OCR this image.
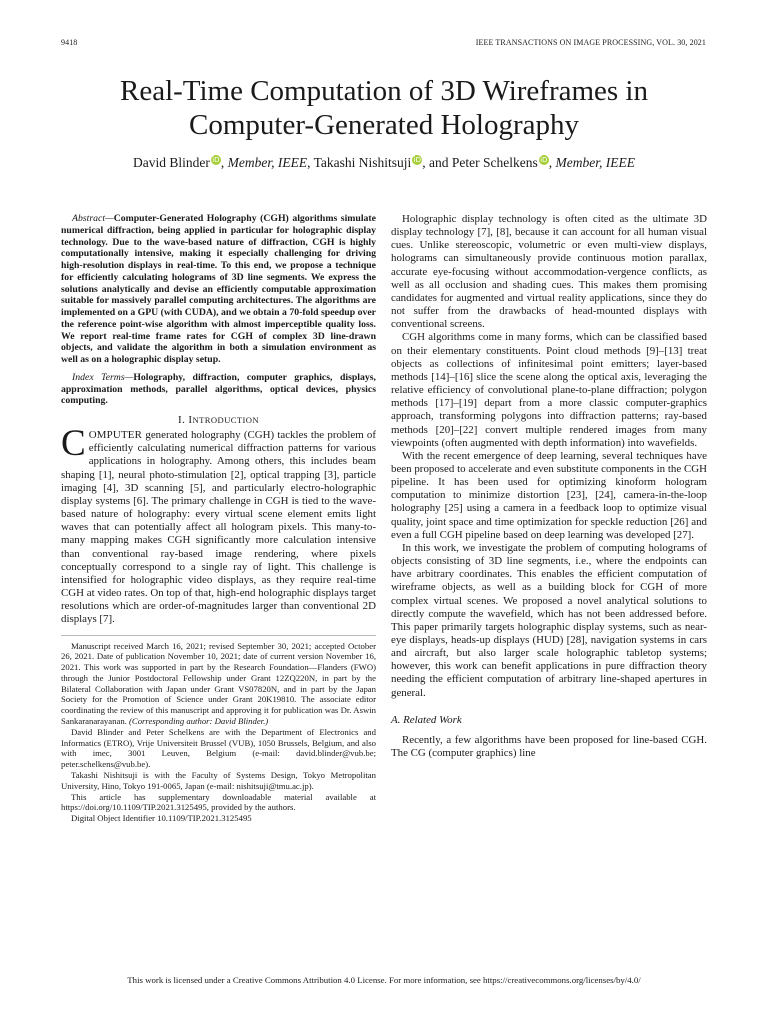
9418	IEEE TRANSACTIONS ON IMAGE PROCESSING, VOL. 30, 2021
Real-Time Computation of 3D Wireframes in
Computer-Generated Holography
David Blinder iD, Member, IEEE, Takashi Nishitsuji iD, and Peter Schelkens iD, Member, IEEE

Abstract—Computer-Generated Holography (CGH) algorithms simulate numerical diffraction, being applied in particular for holographic display technology. Due to the wave-based nature of diffraction, CGH is highly computationally intensive, making it especially challenging for driving high-resolution displays in real-time. To this end, we propose a technique for efficiently calculating holograms of 3D line segments. We express the solutions analytically and devise an efficiently computable approximation suitable for massively parallel computing architectures. The algorithms are implemented on a GPU (with CUDA), and we obtain a 70-fold speedup over the reference point-wise algorithm with almost imperceptible quality loss. We report real-time frame rates for CGH of complex 3D line-drawn objects, and validate the algorithm in both a simulation environment as well as on a holographic display setup.

Index Terms—Holography, diffraction, computer graphics, displays, approximation methods, parallel algorithms, optical devices, physics computing.

I. INTRODUCTION

COMPUTER generated holography (CGH) tackles the problem of efficiently calculating numerical diffraction patterns for various applications in holography. Among others, this includes beam shaping [1], neural photo-stimulation [2], optical trapping [3], particle imaging [4], 3D scanning [5], and particularly electro-holographic display systems [6]. The primary challenge in CGH is tied to the wave-based nature of holography: every virtual scene element emits light waves that can potentially affect all hologram pixels. This many-to-many mapping makes CGH significantly more calculation intensive than conventional ray-based image rendering, where pixels conceptually correspond to a single ray of light. This challenge is intensified for holographic video displays, as they require real-time CGH at video rates. On top of that, high-end holographic displays target resolutions which are order-of-magnitudes larger than conventional 2D displays [7].

Manuscript received March 16, 2021; revised September 30, 2021; accepted October 26, 2021. Date of publication November 10, 2021; date of current version November 16, 2021. This work was supported in part by the Research Foundation—Flanders (FWO) through the Junior Postdoctoral Fellowship under Grant 12ZQ220N, in part by the Bilateral Collaboration with Japan under Grant VS07820N, and in part by the Japan Society for the Promotion of Science under Grant 20K19810. The associate editor coordinating the review of this manuscript and approving it for publication was Dr. Aswin Sankaranarayanan. (Corresponding author: David Blinder.)

David Blinder and Peter Schelkens are with the Department of Electronics and Informatics (ETRO), Vrije Universiteit Brussel (VUB), 1050 Brussels, Belgium, and also with imec, 3001 Leuven, Belgium (e-mail: david.blinder@vub.be; peter.schelkens@vub.be).

Takashi Nishitsuji is with the Faculty of Systems Design, Tokyo Metropolitan University, Hino, Tokyo 191-0065, Japan (e-mail: nishitsuji@tmu.ac.jp).

This article has supplementary downloadable material available at https://doi.org/10.1109/TIP.2021.3125495, provided by the authors.

Digital Object Identifier 10.1109/TIP.2021.3125495

Holographic display technology is often cited as the ultimate 3D display technology [7], [8], because it can account for all human visual cues. Unlike stereoscopic, volumetric or even multi-view displays, holograms can simultaneously provide continuous motion parallax, accurate eye-focusing without accommodation-vergence conflicts, as well as all occlusion and shading cues. This makes them promising candidates for augmented and virtual reality applications, since they do not suffer from the drawbacks of head-mounted displays with conventional screens.

CGH algorithms come in many forms, which can be classified based on their elementary constituents. Point cloud methods [9]–[13] treat objects as collections of infinitesimal point emitters; layer-based methods [14]–[16] slice the scene along the optical axis, leveraging the relative efficiency of convolutional plane-to-plane diffraction; polygon methods [17]–[19] depart from a more classic computer-graphics approach, transforming polygons into diffraction patterns; ray-based methods [20]–[22] convert multiple rendered images from many viewpoints (often augmented with depth information) into wavefields.

With the recent emergence of deep learning, several techniques have been proposed to accelerate and even substitute components in the CGH pipeline. It has been used for optimizing kinoform hologram computation to minimize distortion [23], [24], camera-in-the-loop holography [25] using a camera in a feedback loop to optimize visual quality, joint space and time optimization for speckle reduction [26] and even a full CGH pipeline based on deep learning was developed [27].

In this work, we investigate the problem of computing holograms of objects consisting of 3D line segments, i.e., where the endpoints can have arbitrary coordinates. This enables the efficient computation of wireframe objects, as well as a building block for CGH of more complex virtual scenes. We proposed a novel analytical solutions to directly compute the wavefield, which has not been addressed before. This paper primarily targets holographic display systems, such as near-eye displays, heads-up displays (HUD) [28], navigation systems in cars and aircraft, but also larger scale holographic tabletop systems; however, this work can benefit applications in pure diffraction theory needing the efficient computation of arbitrary line-shaped apertures in general.

A. Related Work

Recently, a few algorithms have been proposed for line-based CGH. The CG (computer graphics) line

This work is licensed under a Creative Commons Attribution 4.0 License. For more information, see https://creativecommons.org/licenses/by/4.0/
